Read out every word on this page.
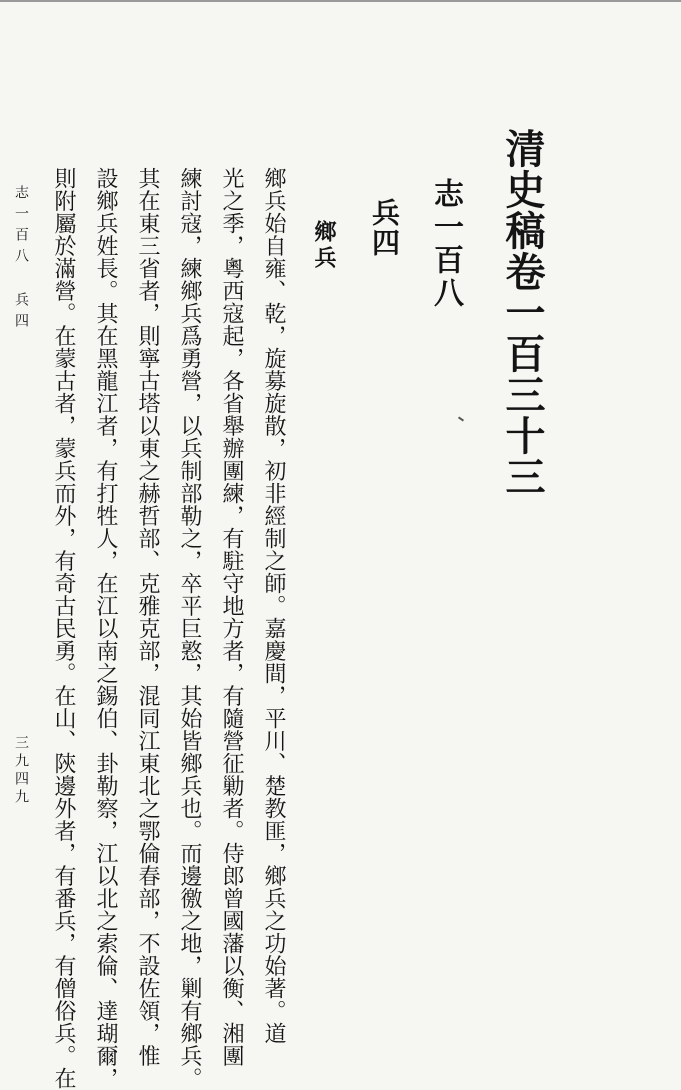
清史稿卷一百三十三
志一百八
兵四
鄉兵
鄉兵始自雍、乾，旋募旋散，初非經制之師。嘉慶間，平川、楚教匪，鄉兵之功始著。道
光之季，粵西寇起，各省舉辦團練，有駐守地方者，有隨營征勦者。侍郎曾國藩以衡、湘團
練討寇，練鄉兵爲勇營，以兵制部勒之，卒平巨憝，其始皆鄉兵也。而邊徼之地，剿有鄉兵。
其在東三省者，則寧古塔以東之赫哲部、克雅克部，混同江東北之鄂倫春部，不設佐領，惟
設鄉兵姓長。其在黑龍江者，有打牲人，在江以南之錫伯、卦勒察，江以北之索倫、達瑚爾，
則附屬於滿營。在蒙古者，蒙兵而外，有奇古民勇。在山、陝邊外者，有番兵，有僧俗兵。在
志一百八 兵四
三九四九
